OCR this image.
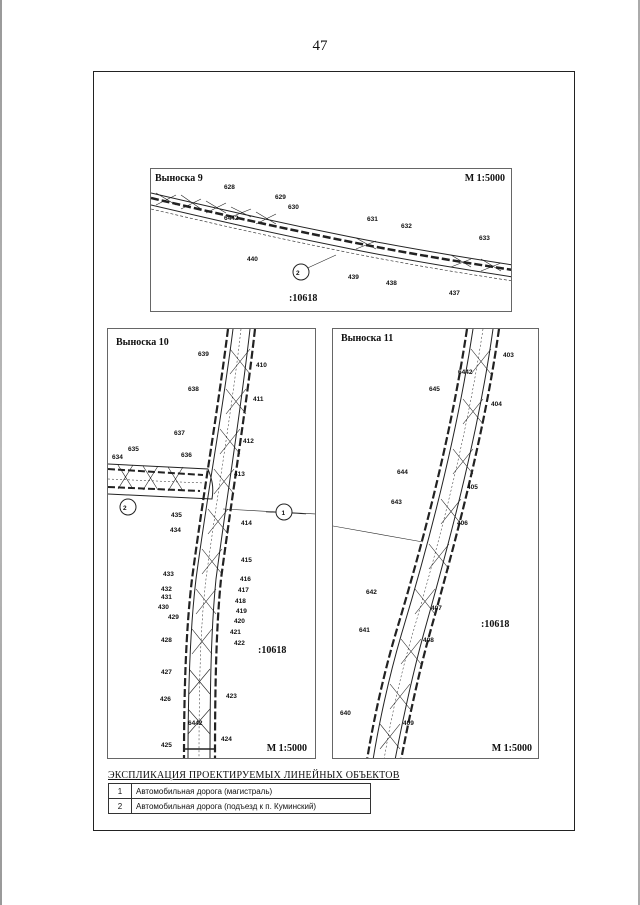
47
2
6442
628
629
630
631
632
633
440
439
438
437
Выноска 9	М 1:5000
:10618
2
6442
639
638
637
636
635
634
435
434
433
432
431
430
429
428
427
426
425
410
411
412
413
414
415
416
417
418
419
420
421
422
423
424
Выноска 10
:10618
М 1:5000
1
6442
645
644
643
642
641
640
403
404
405
406
407
408
409
Выноска 11
:10618
М 1:5000
ЭКСПЛИКАЦИЯ ПРОЕКТИРУЕМЫХ ЛИНЕЙНЫХ ОБЪЕКТОВ
1	Автомобильная дорога (магистраль)
2	Автомобильная дорога (подъезд к п. Куминский)
